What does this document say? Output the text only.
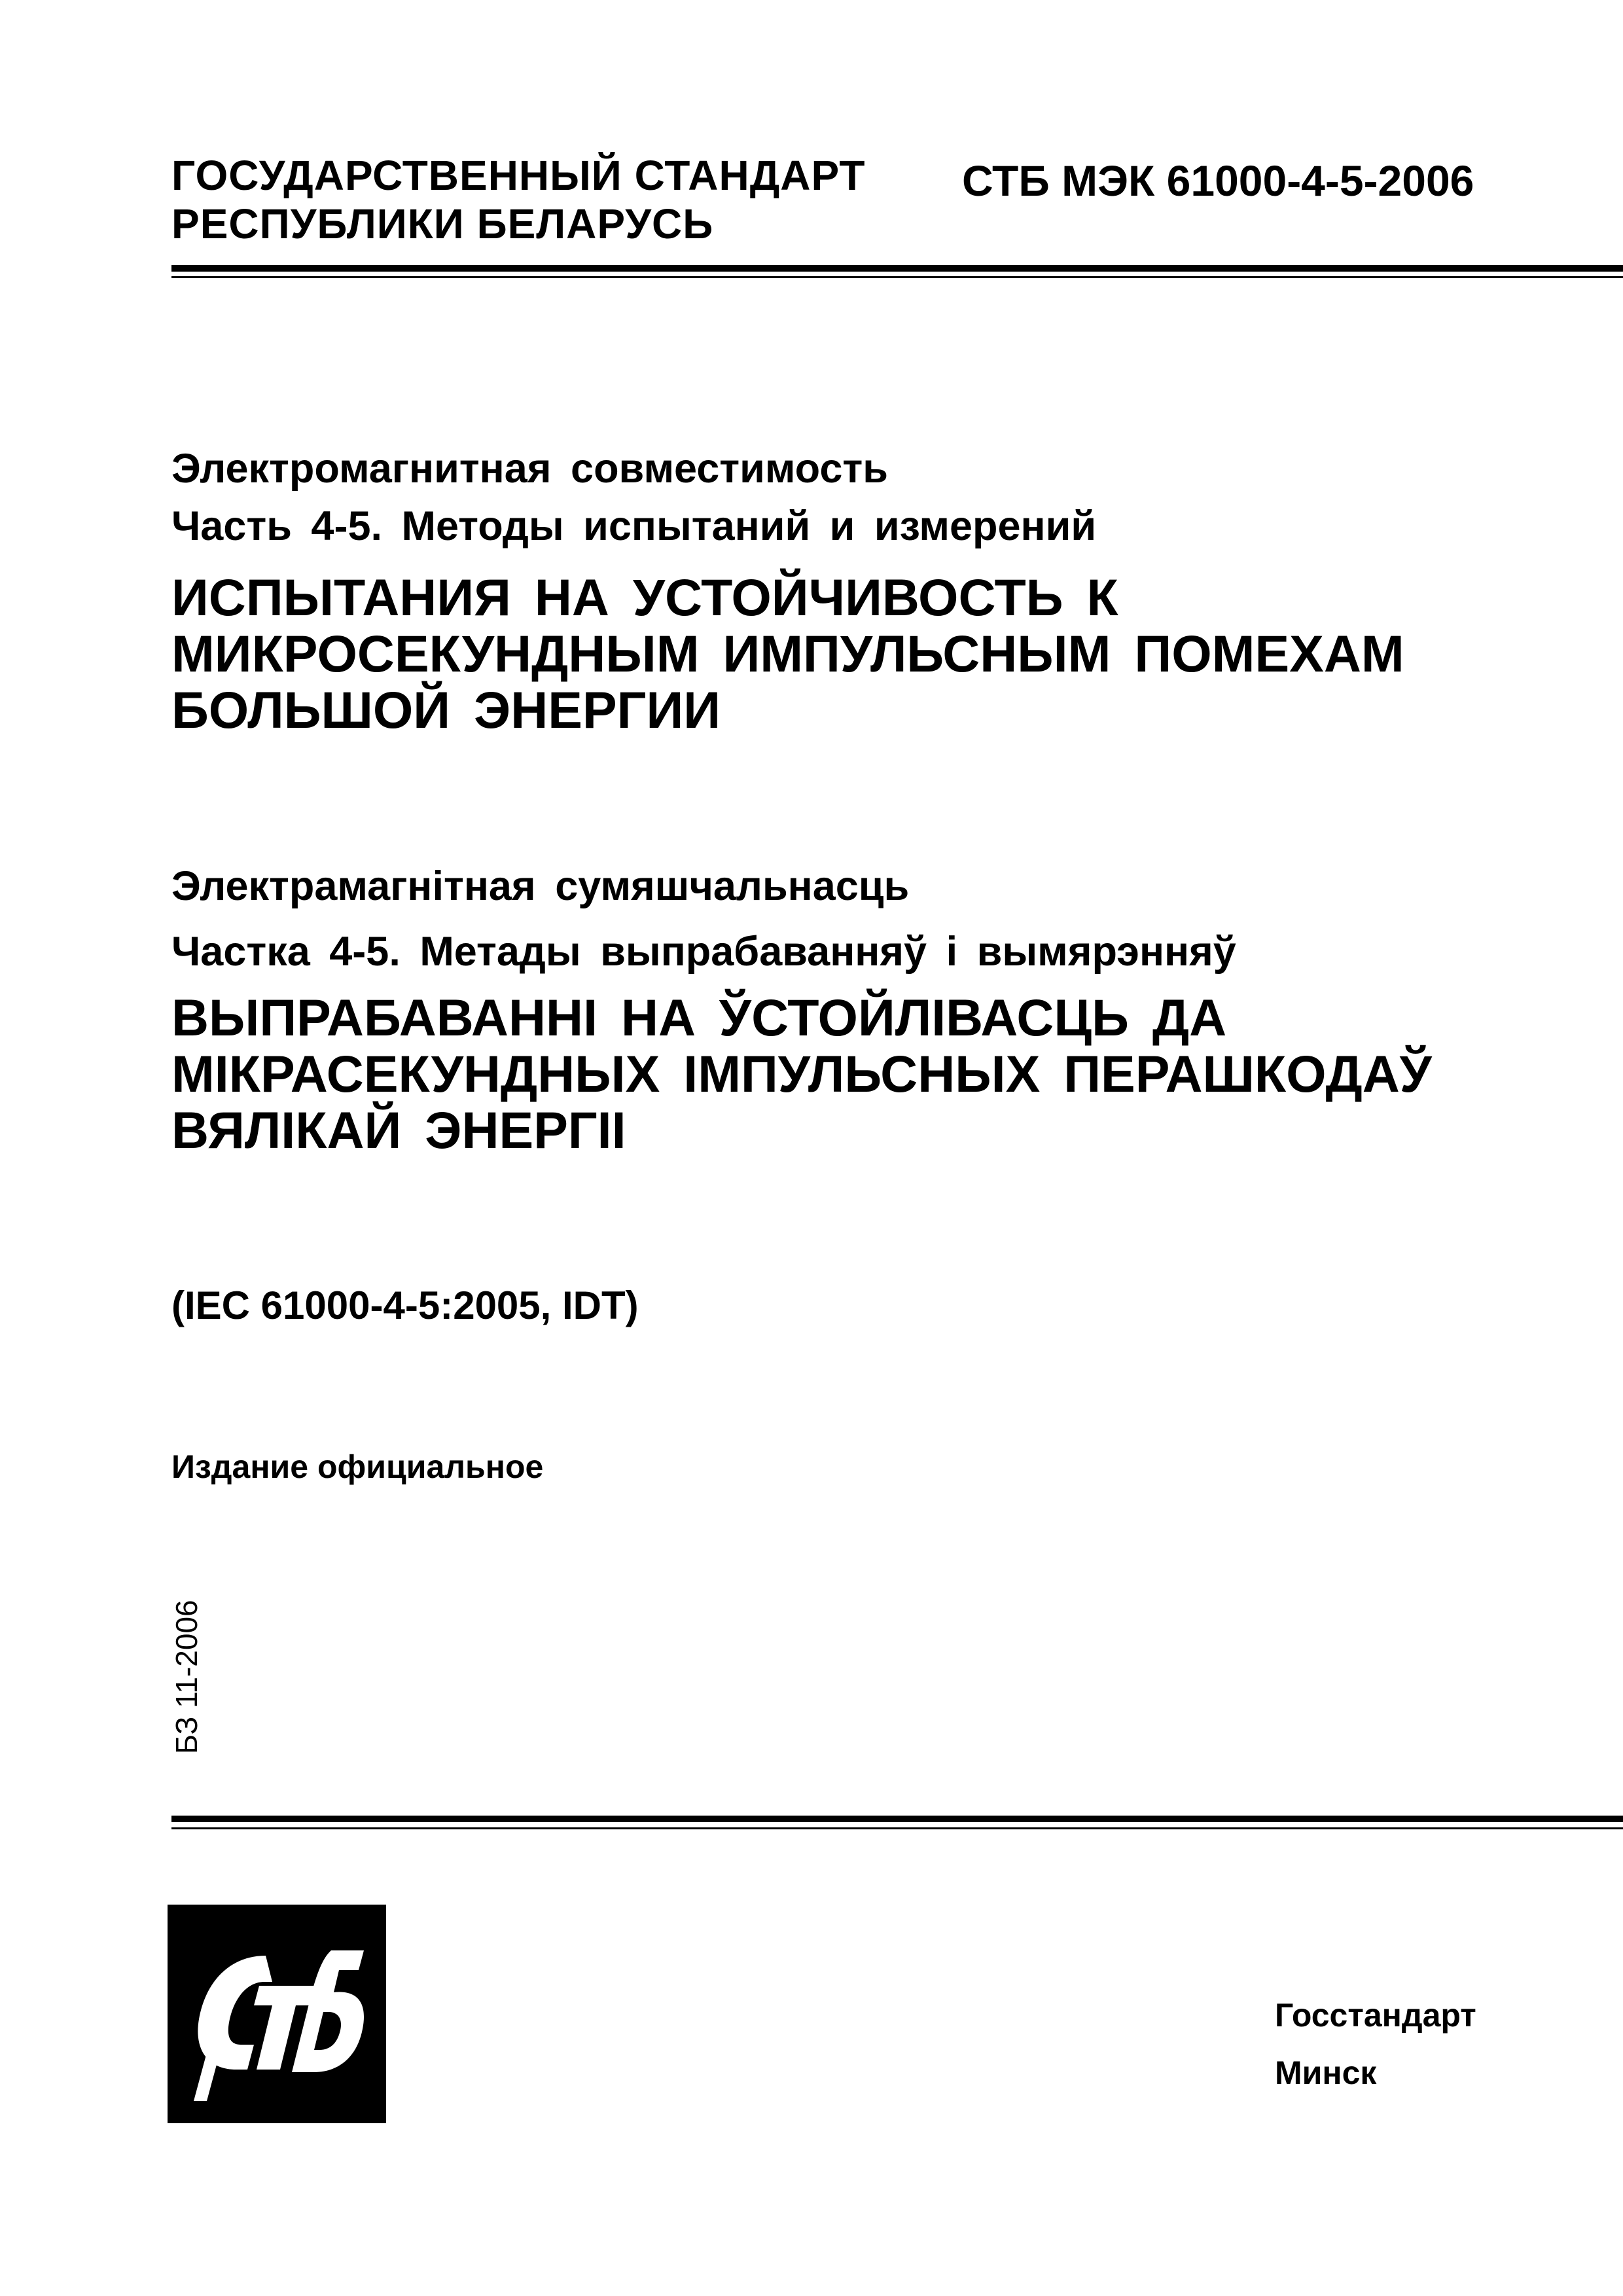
ГОСУДАРСТВЕННЫЙ СТАНДАРТ
РЕСПУБЛИКИ БЕЛАРУСЬ
СТБ МЭК 61000-4-5-2006
Электромагнитная совместимость
Часть 4-5. Методы испытаний и измерений
ИСПЫТАНИЯ НА УСТОЙЧИВОСТЬ К
МИКРОСЕКУНДНЫМ ИМПУЛЬСНЫМ ПОМЕХАМ
БОЛЬШОЙ ЭНЕРГИИ
Электрамагнітная сумяшчальнасць
Частка 4-5. Метады выпрабаванняў і вымярэнняў
ВЫПРАБАВАННІ НА ЎСТОЙЛІВАСЦЬ ДА
МІКРАСЕКУНДНЫХ ІМПУЛЬСНЫХ ПЕРАШКОДАЎ
ВЯЛІКАЙ ЭНЕРГІІ
(IEC 61000-4-5:2005, IDT)
Издание официальное
БЗ 11-2006
Госстандарт
Минск
